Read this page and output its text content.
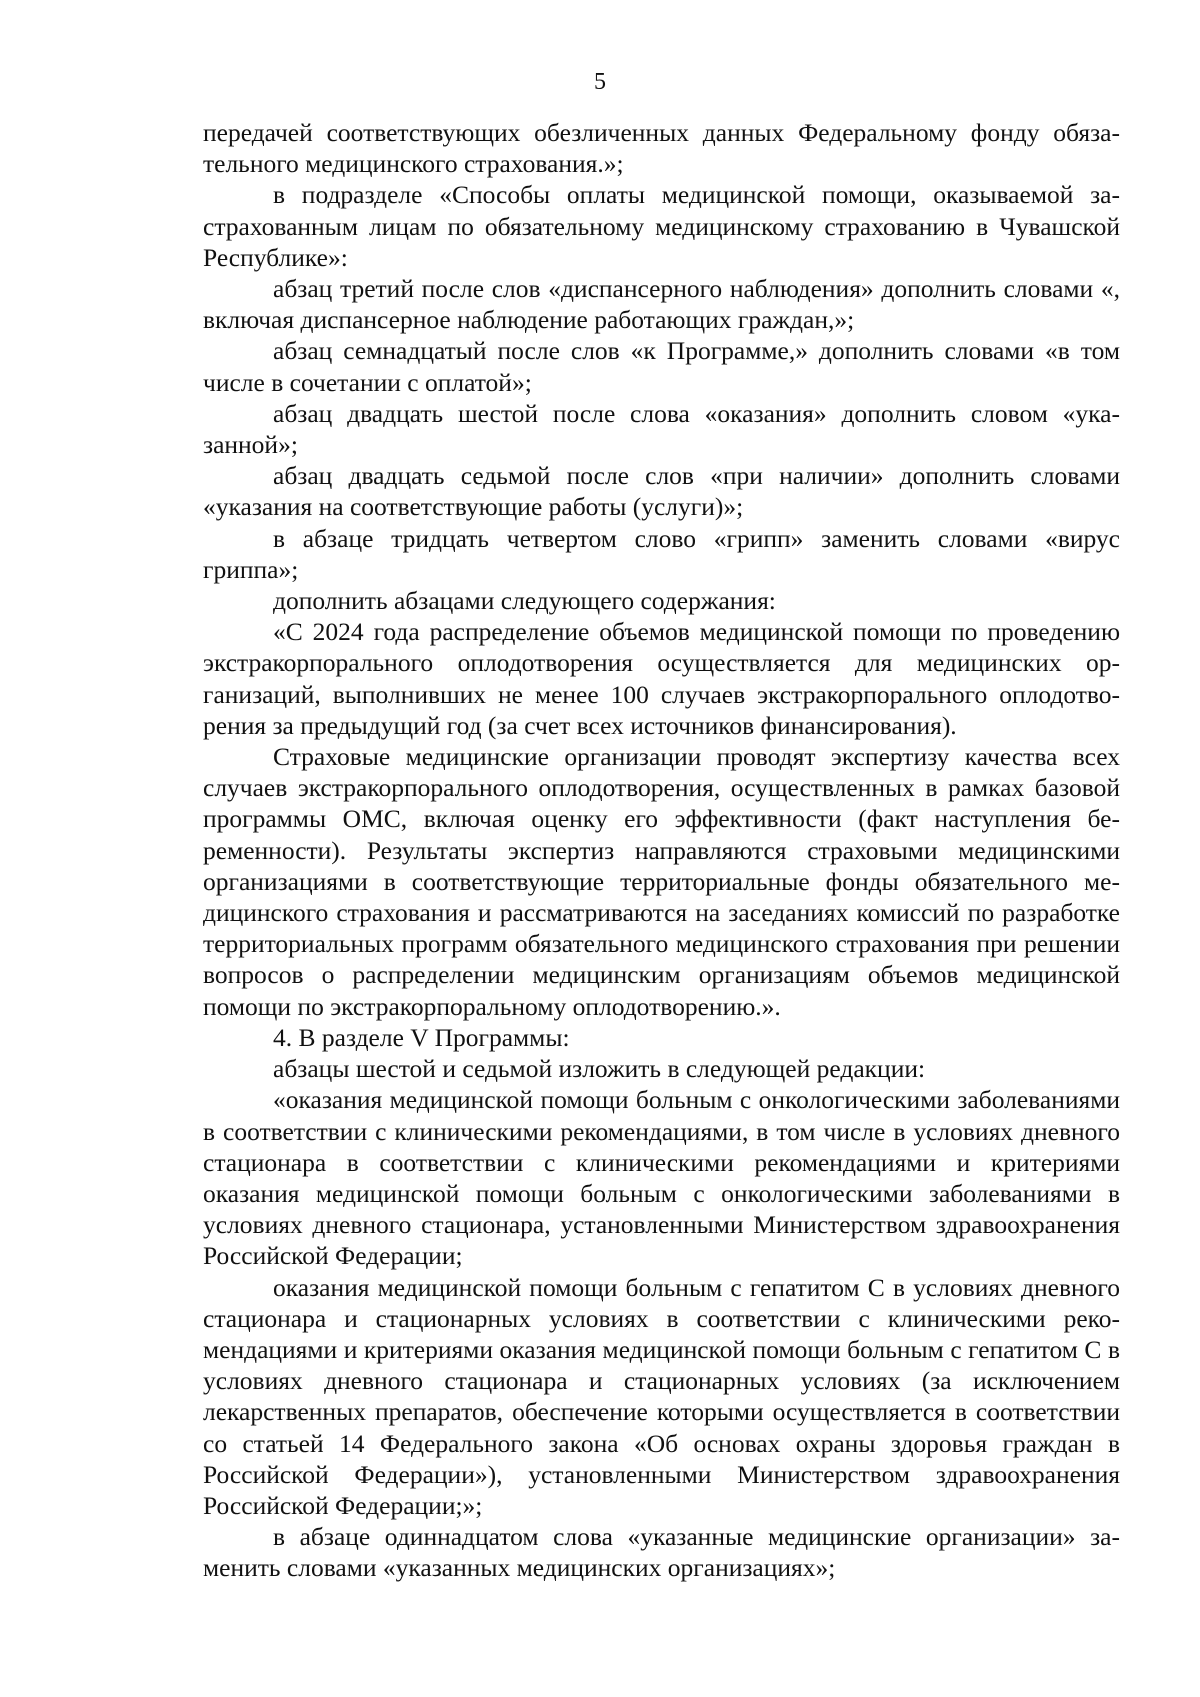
5

передачей соответствующих обезличенных данных Федеральному фонду обязательного медицинского страхования.»;

в подразделе «Способы оплаты медицинской помощи, оказываемой застрахованным лицам по обязательному медицинскому страхованию в Чувашской Республике»:

абзац третий после слов «диспансерного наблюдения» дополнить словами «, включая диспансерное наблюдение работающих граждан,»;

абзац семнадцатый после слов «к Программе,» дополнить словами «в том числе в сочетании с оплатой»;

абзац двадцать шестой после слова «оказания» дополнить словом «указанной»;

абзац двадцать седьмой после слов «при наличии» дополнить словами «указания на соответствующие работы (услуги)»;

в абзаце тридцать четвертом слово «грипп» заменить словами «вирус гриппа»;

дополнить абзацами следующего содержания:

«С 2024 года распределение объемов медицинской помощи по проведению экстракорпорального оплодотворения осуществляется для медицинских организаций, выполнивших не менее 100 случаев экстракорпорального оплодотворения за предыдущий год (за счет всех источников финансирования).

Страховые медицинские организации проводят экспертизу качества всех случаев экстракорпорального оплодотворения, осуществленных в рамках базовой программы ОМС, включая оценку его эффективности (факт наступления беременности). Результаты экспертиз направляются страховыми медицинскими организациями в соответствующие территориальные фонды обязательного медицинского страхования и рассматриваются на заседаниях комиссий по разработке территориальных программ обязательного медицинского страхования при решении вопросов о распределении медицинским организациям объемов медицинской помощи по экстракорпоральному оплодотворению.».

4. В разделе V Программы:

абзацы шестой и седьмой изложить в следующей редакции:

«оказания медицинской помощи больным с онкологическими заболеваниями в соответствии с клиническими рекомендациями, в том числе в условиях дневного стационара в соответствии с клиническими рекомендациями и критериями оказания медицинской помощи больным с онкологическими заболеваниями в условиях дневного стационара, установленными Министерством здравоохранения Российской Федерации;

оказания медицинской помощи больным с гепатитом С в условиях дневного стационара и стационарных условиях в соответствии с клиническими рекомендациями и критериями оказания медицинской помощи больным с гепатитом С в условиях дневного стационара и стационарных условиях (за исключением лекарственных препаратов, обеспечение которыми осуществляется в соответствии со статьей 14 Федерального закона «Об основах охраны здоровья граждан в Российской Федерации»), установленными Министерством здравоохранения Российской Федерации;»;

в абзаце одиннадцатом слова «указанные медицинские организации» заменить словами «указанных медицинских организациях»;
